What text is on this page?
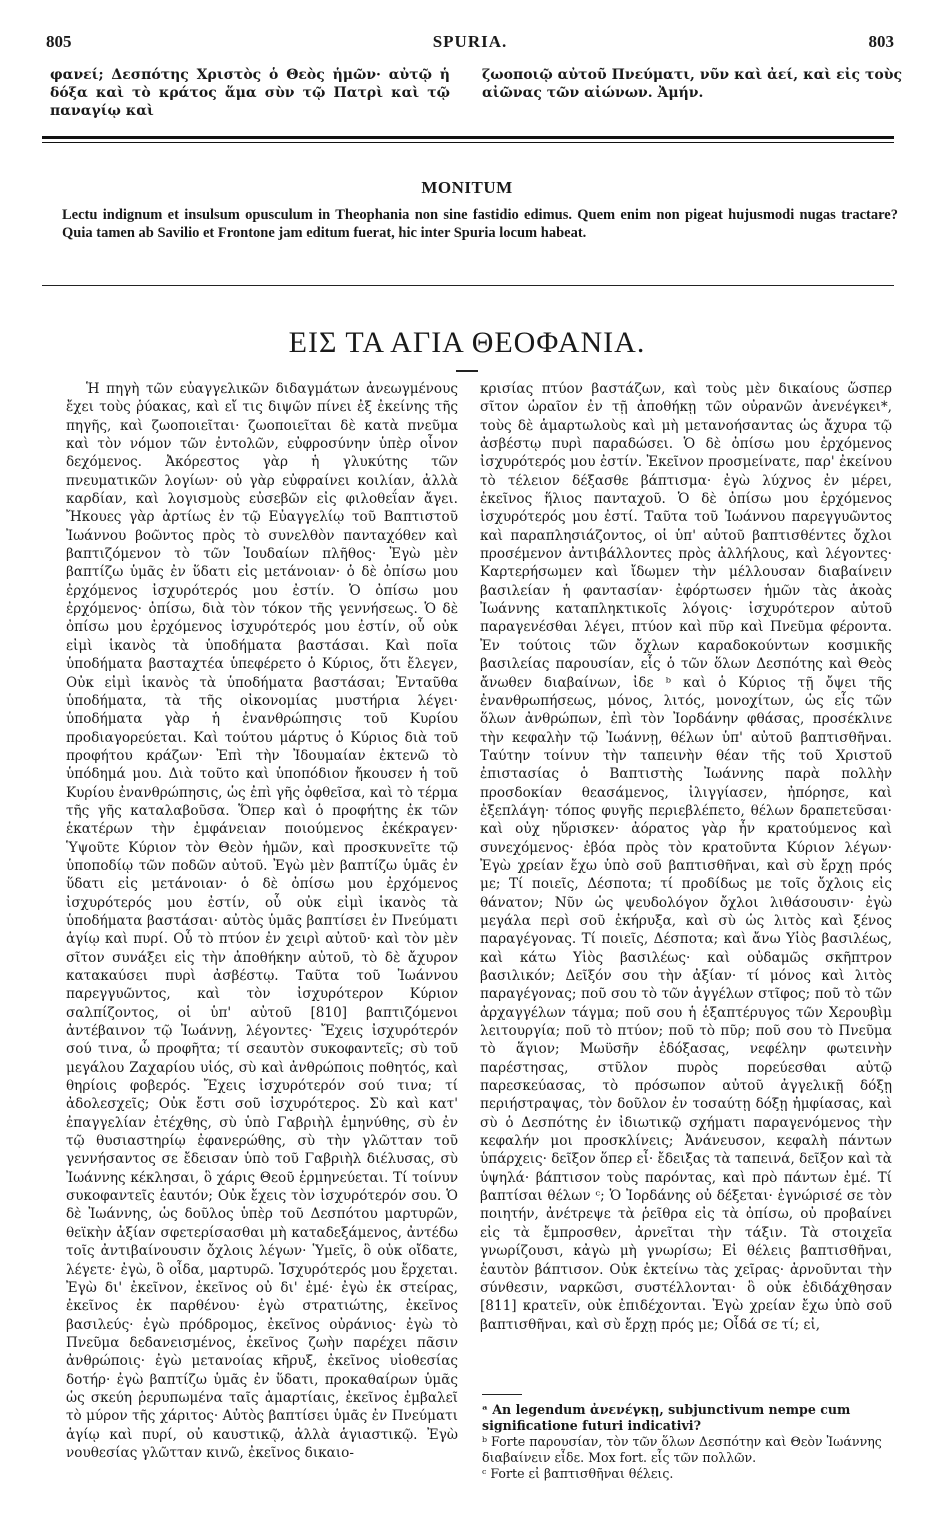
805	SPURIA.	803
φανεί; Δεσπότης Χριστὸς ὁ Θεὸς ἡμῶν· αὐτῷ ἡ δόξα καὶ τὸ κράτος ἅμα σὺν τῷ Πατρὶ καὶ τῷ παναγίῳ καὶ
ζωοποιῷ αὐτοῦ Πνεύματι, νῦν καὶ ἀεί, καὶ εἰς τοὺς αἰῶνας τῶν αἰώνων. Ἀμήν.
MONITUM
Lectu indignum et insulsum opusculum in Theophania non sine fastidio edimus. Quem enim non pigeat hujusmodi nugas tractare? Quia tamen ab Savilio et Frontone jam editum fuerat, hic inter Spuria locum habeat.
ΕΙΣ ΤΑ ΑΓΙΑ ΘΕΟΦΑΝΙΑ.

Ἡ πηγὴ τῶν εὐαγγελικῶν διδαγμάτων ἀνεωγμένους ἔχει τοὺς ῥύακας, καὶ εἴ τις διψῶν πίνει ἐξ ἐκείνης τῆς πηγῆς, καὶ ζωοποιεῖται· ζωοποιεῖται δὲ κατὰ πνεῦμα καὶ τὸν νόμον τῶν ἐντολῶν, εὐφροσύνην ὑπὲρ οἶνον δεχόμενος. Ἀκόρεστος γὰρ ἡ γλυκύτης τῶν πνευματικῶν λογίων· οὐ γὰρ εὐφραίνει κοιλίαν, ἀλλὰ καρδίαν, καὶ λογισμοὺς εὐσεβῶν εἰς φιλοθεΐαν ἄγει. Ἤκουες γὰρ ἀρτίως ἐν τῷ Εὐαγγελίῳ τοῦ Βαπτιστοῦ Ἰωάννου βοῶντος πρὸς τὸ συνελθὸν πανταχόθεν καὶ βαπτιζόμενον τὸ τῶν Ἰουδαίων πλῆθος· Ἐγὼ μὲν βαπτίζω ὑμᾶς ἐν ὕδατι εἰς μετάνοιαν· ὁ δὲ ὀπίσω μου ἐρχόμενος ἰσχυρότερός μου ἐστίν. Ὁ ὀπίσω μου ἐρχόμενος· ὀπίσω, διὰ τὸν τόκον τῆς γεννήσεως. Ὁ δὲ ὀπίσω μου ἐρχόμενος ἰσχυρότερός μου ἐστίν, οὗ οὐκ εἰμὶ ἱκανὸς τὰ ὑποδήματα βαστάσαι. Καὶ ποῖα ὑποδήματα βασταχτέα ὑπεφέρετο ὁ Κύριος, ὅτι ἔλεγεν, Οὐκ εἰμὶ ἱκανὸς τὰ ὑποδήματα βαστάσαι; Ἐνταῦθα ὑποδήματα, τὰ τῆς οἰκονομίας μυστήρια λέγει· ὑποδήματα γὰρ ἡ ἐνανθρώπησις τοῦ Κυρίου προδιαγορεύεται. Καὶ τούτου μάρτυς ὁ Κύριος διὰ τοῦ προφήτου κράζων· Ἐπὶ τὴν Ἰδουμαίαν ἐκτενῶ τὸ ὑπόδημά μου. Διὰ τοῦτο καὶ ὑποπόδιον ἤκουσεν ἡ τοῦ Κυρίου ἐνανθρώπησις, ὡς ἐπὶ γῆς ὀφθεῖσα, καὶ τὸ τέρμα τῆς γῆς καταλαβοῦσα. Ὅπερ καὶ ὁ προφήτης ἐκ τῶν ἑκατέρων τὴν ἐμφάνειαν ποιούμενος ἐκέκραγεν· Ὑψοῦτε Κύριον τὸν Θεὸν ἡμῶν, καὶ προσκυνεῖτε τῷ ὑποποδίῳ τῶν ποδῶν αὐτοῦ. Ἐγὼ μὲν βαπτίζω ὑμᾶς ἐν ὕδατι εἰς μετάνοιαν· ὁ δὲ ὀπίσω μου ἐρχόμενος ἰσχυρότερός μου ἐστίν, οὗ οὐκ εἰμὶ ἱκανὸς τὰ ὑποδήματα βαστάσαι· αὐτὸς ὑμᾶς βαπτίσει ἐν Πνεύματι ἁγίῳ καὶ πυρί. Οὗ τὸ πτύον ἐν χειρὶ αὐτοῦ· καὶ τὸν μὲν σῖτον συνάξει εἰς τὴν ἀποθήκην αὐτοῦ, τὸ δὲ ἄχυρον κατακαύσει πυρὶ ἀσβέστῳ. Ταῦτα τοῦ Ἰωάννου παρεγγυῶντος, καὶ τὸν ἰσχυρότερον Κύριον σαλπίζοντος, οἱ ὑπ' αὐτοῦ [810] βαπτιζόμενοι ἀντέβαινον τῷ Ἰωάννῃ, λέγοντες· Ἔχεις ἰσχυρότερόν σού τινα, ὦ προφῆτα; τί σεαυτὸν συκοφαντεῖς; σὺ τοῦ μεγάλου Ζαχαρίου υἱός, σὺ καὶ ἀνθρώποις ποθητός, καὶ θηρίοις φοβερός. Ἔχεις ἰσχυρότερόν σού τινα; τί ἀδολεσχεῖς; Οὐκ ἔστι σοῦ ἰσχυρότερος. Σὺ καὶ κατ' ἐπαγγελίαν ἐτέχθης, σὺ ὑπὸ Γαβριὴλ ἐμηνύθης, σὺ ἐν τῷ θυσιαστηρίῳ ἐφανερώθης, σὺ τὴν γλῶτταν τοῦ γεννήσαντος σε ἔδεισαν ὑπὸ τοῦ Γαβριὴλ διέλυσας, σὺ Ἰωάννης κέκλησαι, ὃ χάρις Θεοῦ ἑρμηνεύεται. Τί τοίνυν συκοφαντεῖς ἑαυτόν; Οὐκ ἔχεις τὸν ἰσχυρότερόν σου. Ὁ δὲ Ἰωάννης, ὡς δοῦλος ὑπὲρ τοῦ Δεσπότου μαρτυρῶν, θεϊκὴν ἀξίαν σφετερίσασθαι μὴ καταδεξάμενος, ἀντέδω τοῖς ἀντιβαίνουσιν ὄχλοις λέγων· Ὑμεῖς, ὃ οὐκ οἴδατε, λέγετε· ἐγὼ, ὃ οἶδα, μαρτυρῶ. Ἰσχυρότερός μου ἔρχεται. Ἐγὼ δι' ἐκεῖνον, ἐκεῖνος οὐ δι' ἐμέ· ἐγὼ ἐκ στείρας, ἐκεῖνος ἐκ παρθένου· ἐγὼ στρατιώτης, ἐκεῖνος βασιλεύς· ἐγὼ πρόδρομος, ἐκεῖνος οὐράνιος· ἐγὼ τὸ Πνεῦμα δεδανεισμένος, ἐκεῖνος ζωὴν παρέχει πᾶσιν ἀνθρώποις· ἐγὼ μετανοίας κῆρυξ, ἐκεῖνος υἱοθεσίας δοτήρ· ἐγὼ βαπτίζω ὑμᾶς ἐν ὕδατι, προκαθαίρων ὑμᾶς ὡς σκεύη ῥερυπωμένα ταῖς ἁμαρτίαις, ἐκεῖνος ἐμβαλεῖ τὸ μύρον τῆς χάριτος· Αὐτὸς βαπτίσει ὑμᾶς ἐν Πνεύματι ἁγίῳ καὶ πυρί, οὐ καυστικῷ, ἀλλὰ ἁγιαστικῷ. Ἐγὼ νουθεσίας γλῶτταν κινῶ, ἐκεῖνος δικαιο-

κρισίας πτύον βαστάζων, καὶ τοὺς μὲν δικαίους ὥσπερ σῖτον ὡραῖον ἐν τῇ ἀποθήκῃ τῶν οὐρανῶν ἀνενέγκει*, τοὺς δὲ ἁμαρτωλοὺς καὶ μὴ μετανοήσαντας ὡς ἄχυρα τῷ ἀσβέστῳ πυρὶ παραδώσει. Ὁ δὲ ὀπίσω μου ἐρχόμενος ἰσχυρότερός μου ἐστίν. Ἐκεῖνον προσμείνατε, παρ' ἐκείνου τὸ τέλειον δέξασθε βάπτισμα· ἐγὼ λύχνος ἐν μέρει, ἐκεῖνος ἥλιος πανταχοῦ. Ὁ δὲ ὀπίσω μου ἐρχόμενος ἰσχυρότερός μου ἐστί. Ταῦτα τοῦ Ἰωάννου παρεγγυῶντος καὶ παραπλησιάζοντος, οἱ ὑπ' αὐτοῦ βαπτισθέντες ὄχλοι προσέμενον ἀντιβάλλοντες πρὸς ἀλλήλους, καὶ λέγοντες· Καρτερήσωμεν καὶ ἴδωμεν τὴν μέλλουσαν διαβαίνειν βασιλείαν ἡ φαντασίαν· ἐφόρτωσεν ἡμῶν τὰς ἀκοὰς Ἰωάννης καταπληκτικοῖς λόγοις· ἰσχυρότερον αὐτοῦ παραγενέσθαι λέγει, πτύον καὶ πῦρ καὶ Πνεῦμα φέροντα. Ἐν τούτοις τῶν ὄχλων καραδοκούντων κοσμικῆς βασιλείας παρουσίαν, εἷς ὁ τῶν ὅλων Δεσπότης καὶ Θεὸς ἄνωθεν διαβαίνων, ἰδε ᵇ καὶ ὁ Κύριος τῇ ὄψει τῆς ἐνανθρωπήσεως, μόνος, λιτός, μονοχίτων, ὡς εἷς τῶν ὅλων ἀνθρώπων, ἐπὶ τὸν Ἰορδάνην φθάσας, προσέκλινε τὴν κεφαλὴν τῷ Ἰωάννῃ, θέλων ὑπ' αὐτοῦ βαπτισθῆναι. Ταύτην τοίνυν τὴν ταπεινὴν θέαν τῆς τοῦ Χριστοῦ ἐπιστασίας ὁ Βαπτιστὴς Ἰωάννης παρὰ πολλὴν προσδοκίαν θεασάμενος, ἰλιγγίασεν, ἠπόρησε, καὶ ἐξεπλάγη· τόπος φυγῆς περιεβλέπετο, θέλων δραπετεῦσαι· καὶ οὐχ ηὕρισκεν· ἀόρατος γὰρ ἦν κρατούμενος καὶ συνεχόμενος· ἐβόα πρὸς τὸν κρατοῦντα Κύριον λέγων· Ἐγὼ χρείαν ἔχω ὑπὸ σοῦ βαπτισθῆναι, καὶ σὺ ἔρχῃ πρός με; Τί ποιεῖς, Δέσποτα; τί προδίδως με τοῖς ὄχλοις εἰς θάνατον; Νῦν ὡς ψευδολόγον ὄχλοι λιθάσουσιν· ἐγὼ μεγάλα περὶ σοῦ ἐκήρυξα, καὶ σὺ ὡς λιτὸς καὶ ξένος παραγέγονας. Τί ποιεῖς, Δέσποτα; καὶ ἄνω Υἱὸς βασιλέως, καὶ κάτω Υἱὸς βασιλέως· καὶ οὐδαμῶς σκῆπτρον βασιλικόν; Δεῖξόν σου τὴν ἀξίαν· τί μόνος καὶ λιτὸς παραγέγονας; ποῦ σου τὸ τῶν ἀγγέλων στῖφος; ποῦ τὸ τῶν ἀρχαγγέλων τάγμα; ποῦ σου ἡ ἑξαπτέρυγος τῶν Χερουβὶμ λειτουργία; ποῦ τὸ πτύον; ποῦ τὸ πῦρ; ποῦ σου τὸ Πνεῦμα τὸ ἅγιον; Μωϋσῆν ἐδόξασας, νεφέλην φωτεινὴν παρέστησας, στῦλον πυρὸς πορεύεσθαι αὐτῷ παρεσκεύασας, τὸ πρόσωπον αὐτοῦ ἀγγελικῇ δόξῃ περιήστραψας, τὸν δοῦλον ἐν τοσαύτῃ δόξῃ ἠμφίασας, καὶ σὺ ὁ Δεσπότης ἐν ἰδιωτικῷ σχήματι παραγενόμενος τὴν κεφαλήν μοι προσκλίνεις; Ἀνάνευσον, κεφαλὴ πάντων ὑπάρχεις· δεῖξον ὅπερ εἶ· ἔδειξας τὰ ταπεινά, δεῖξον καὶ τὰ ὑψηλά· βάπτισον τοὺς παρόντας, καὶ πρὸ πάντων ἐμέ. Τί βαπτίσαι θέλων ᶜ; Ὁ Ἰορδάνης οὐ δέξεται· ἐγνώρισέ σε τὸν ποιητήν, ἀνέτρεψε τὰ ῥεῖθρα εἰς τὰ ὀπίσω, οὐ προβαίνει εἰς τὰ ἔμπροσθεν, ἀρνεῖται τὴν τάξιν. Τὰ στοιχεῖα γνωρίζουσι, κἀγὼ μὴ γνωρίσω; Εἰ θέλεις βαπτισθῆναι, ἑαυτὸν βάπτισον. Οὐκ ἐκτείνω τὰς χεῖρας· ἀρνοῦνται τὴν σύνθεσιν, ναρκῶσι, συστέλλονται· ὃ οὐκ ἐδιδάχθησαν [811] κρατεῖν, οὐκ ἐπιδέχονται. Ἐγὼ χρείαν ἔχω ὑπὸ σοῦ βαπτισθῆναι, καὶ σὺ ἔρχῃ πρός με; Οἶδά σε τί; εἰ,

ᵃ An legendum ἀνενέγκῃ, subjunctivum nempe cum significatione futuri indicativi?
ᵇ Forte παρουσίαν, τὸν τῶν ὅλων Δεσπότην καὶ Θεὸν Ἰωάννης διαβαίνειν εἶδε. Mox fort. εἷς τῶν πολλῶν.
ᶜ Forte εἰ βαπτισθῆναι θέλεις.
